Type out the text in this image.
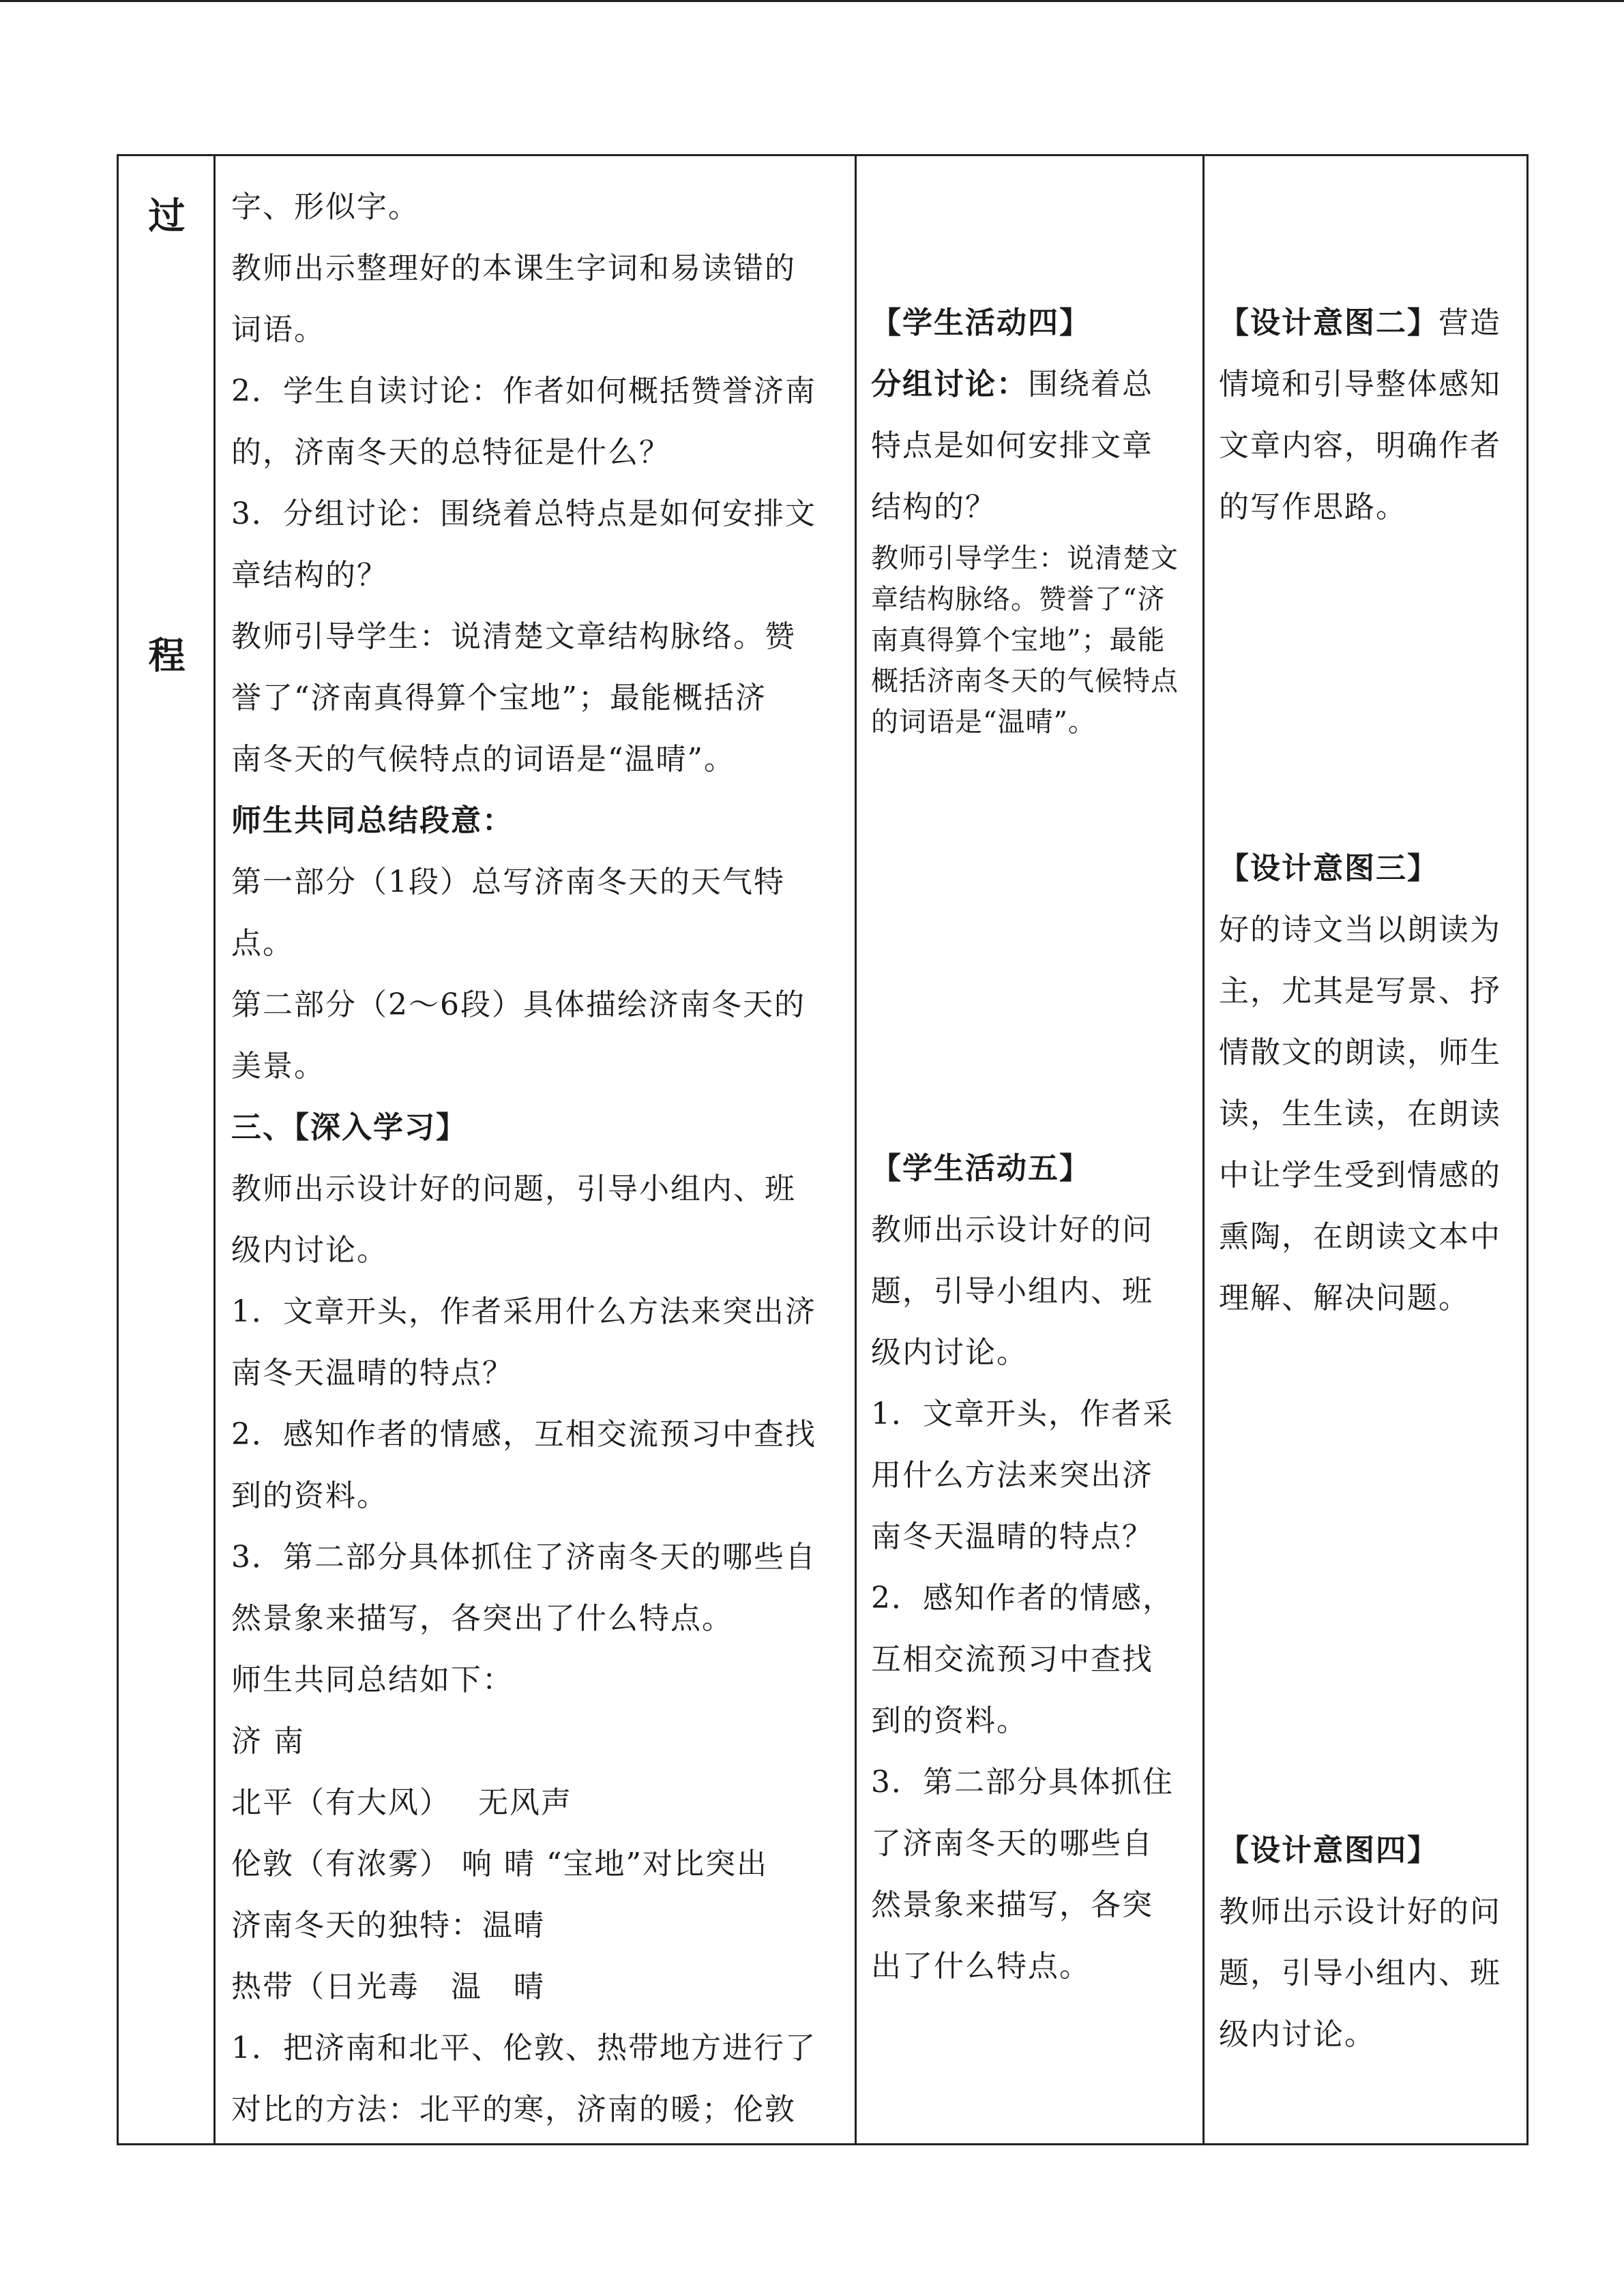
过
程
字、形似字。
教师出示整理好的本课生字词和易读错的
词语。
2．学生自读讨论：作者如何概括赞誉济南
的，济南冬天的总特征是什么？
3．分组讨论：围绕着总特点是如何安排文
章结构的？
教师引导学生：说清楚文章结构脉络。赞
誉了“济南真得算个宝地”；最能概括济
南冬天的气候特点的词语是“温晴”。
师生共同总结段意：
第一部分（1段）总写济南冬天的天气特
点。
第二部分（2～6段）具体描绘济南冬天的
美景。
三、【深入学习】
教师出示设计好的问题，引导小组内、班
级内讨论。
1．文章开头，作者采用什么方法来突出济
南冬天温晴的特点？
2．感知作者的情感，互相交流预习中查找
到的资料。
3．第二部分具体抓住了济南冬天的哪些自
然景象来描写，各突出了什么特点。
师生共同总结如下：
济 南
北平（有大风）　 无风声
伦敦（有浓雾） 响 晴 “宝地”对比突出
济南冬天的独特：温晴
热带（日光毒　温　晴
1．把济南和北平、伦敦、热带地方进行了
对比的方法：北平的寒，济南的暖；伦敦
【学生活动四】
分组讨论：围绕着总
特点是如何安排文章
结构的？
教师引导学生：说清楚文
章结构脉络。赞誉了“济
南真得算个宝地”；最能
概括济南冬天的气候特点
的词语是“温晴”。
【学生活动五】
教师出示设计好的问
题，引导小组内、班
级内讨论。
1．文章开头，作者采
用什么方法来突出济
南冬天温晴的特点？
2．感知作者的情感，
互相交流预习中查找
到的资料。
3．第二部分具体抓住
了济南冬天的哪些自
然景象来描写，各突
出了什么特点。
【设计意图二】营造
情境和引导整体感知
文章内容，明确作者
的写作思路。
【设计意图三】
好的诗文当以朗读为
主，尤其是写景、抒
情散文的朗读，师生
读，生生读，在朗读
中让学生受到情感的
熏陶，在朗读文本中
理解、解决问题。
【设计意图四】
教师出示设计好的问
题，引导小组内、班
级内讨论。
